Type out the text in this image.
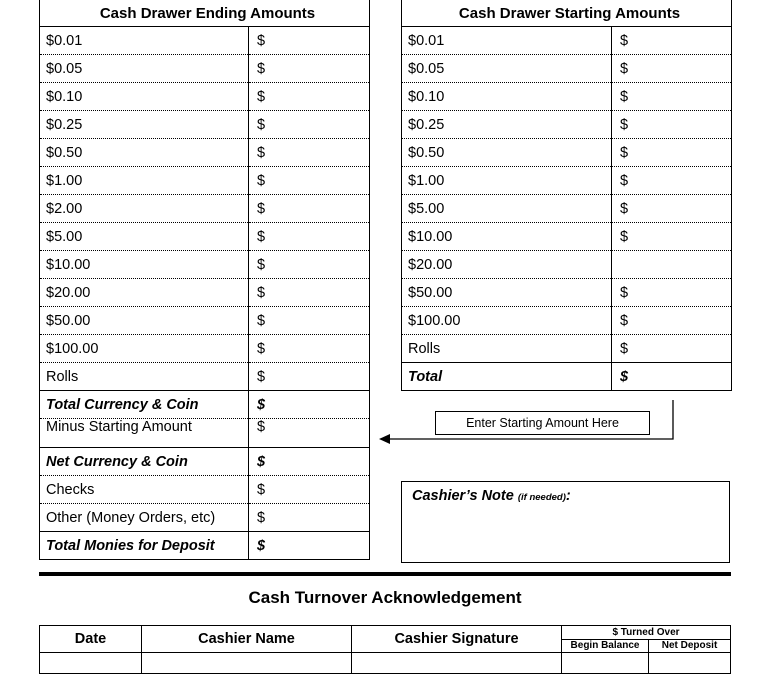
Cash Drawer Ending Amounts	
$0.01	$
$0.05	$
$0.10	$
$0.25	$
$0.50	$
$1.00	$
$2.00	$
$5.00	$
$10.00	$
$20.00	$
$50.00	$
$100.00	$
Rolls	$
Total Currency & Coin	$
Minus Starting Amount	$
Net Currency & Coin	$
Checks	$
Other (Money Orders, etc)	$
Total Monies for Deposit	$
Cash Drawer Starting Amounts	
$0.01	$
$0.05	$
$0.10	$
$0.25	$
$0.50	$
$1.00	$
$5.00	$
$10.00	$
$20.00	
$50.00	$
$100.00	$
Rolls	$
Total	$
Enter Starting Amount Here
Cashier’s Note (if needed):
Cash Turnover Acknowledgement
Date	Cashier Name	Cashier Signature	$ Turned Over	
			Begin Balance	Net Deposit
